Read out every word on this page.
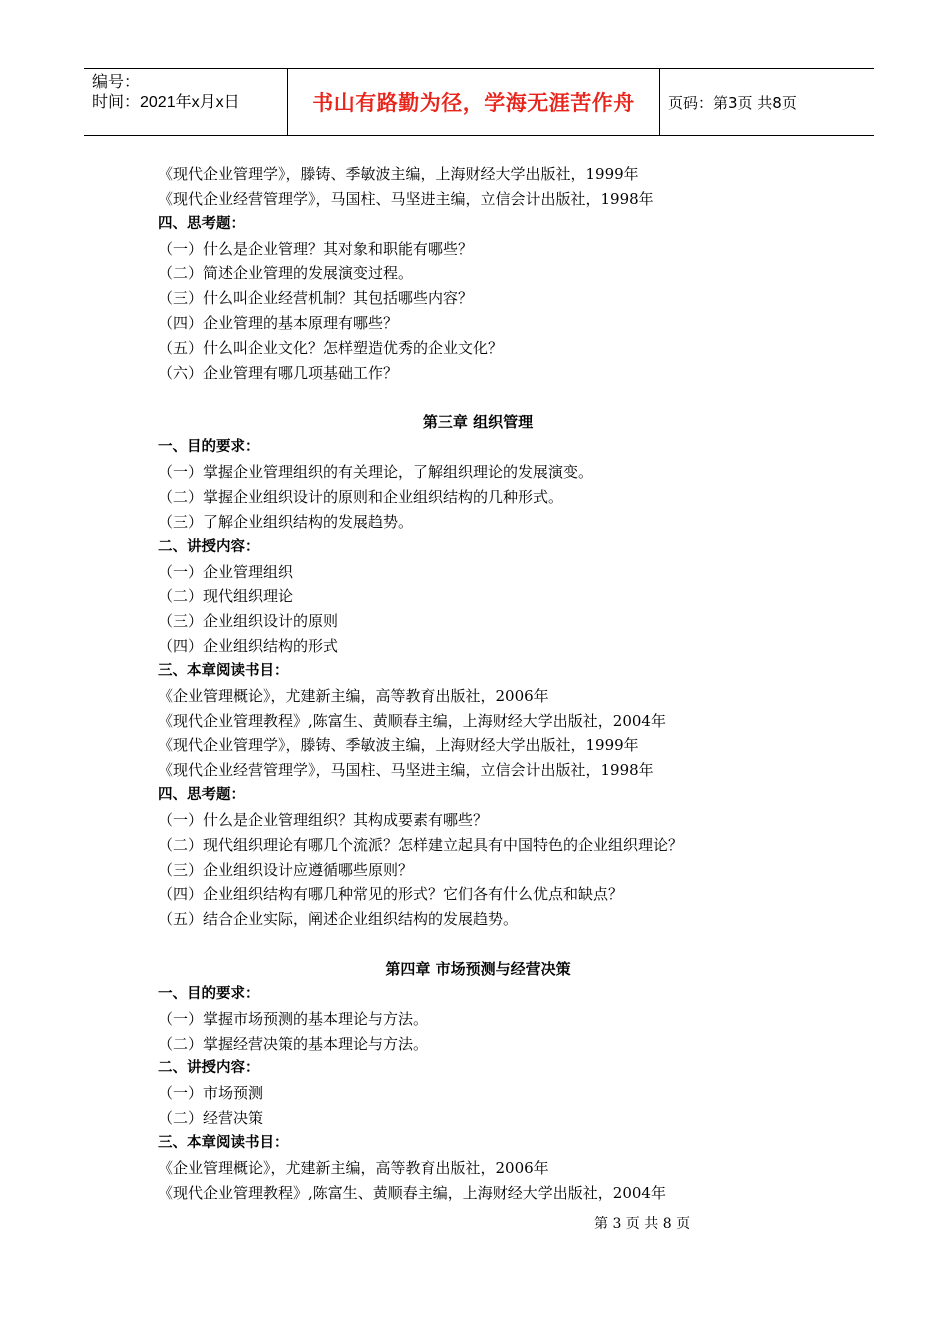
编号：
时间：2021年x月x日	书山有路勤为径，学海无涯苦作舟	页码：第3页 共8页
《现代企业管理学》，滕铸、季敏波主编，上海财经大学出版社，1999年
《现代企业经营管理学》，马国柱、马坚进主编，立信会计出版社，1998年
四、思考题：
（一）什么是企业管理？其对象和职能有哪些？
（二）简述企业管理的发展演变过程。
（三）什么叫企业经营机制？其包括哪些内容？
（四）企业管理的基本原理有哪些？
（五）什么叫企业文化？怎样塑造优秀的企业文化？
（六）企业管理有哪几项基础工作？
第三章 组织管理
一、目的要求：
（一）掌握企业管理组织的有关理论，了解组织理论的发展演变。
（二）掌握企业组织设计的原则和企业组织结构的几种形式。
（三）了解企业组织结构的发展趋势。
二、讲授内容：
（一）企业管理组织
（二）现代组织理论
（三）企业组织设计的原则
（四）企业组织结构的形式
三、本章阅读书目：
《企业管理概论》，尤建新主编，高等教育出版社，2006年
《现代企业管理教程》,陈富生、黄顺春主编，上海财经大学出版社，2004年
《现代企业管理学》，滕铸、季敏波主编，上海财经大学出版社，1999年
《现代企业经营管理学》，马国柱、马坚进主编，立信会计出版社，1998年
四、思考题：
（一）什么是企业管理组织？其构成要素有哪些？
（二）现代组织理论有哪几个流派？怎样建立起具有中国特色的企业组织理论？
（三）企业组织设计应遵循哪些原则？
（四）企业组织结构有哪几种常见的形式？它们各有什么优点和缺点？
（五）结合企业实际，阐述企业组织结构的发展趋势。
第四章 市场预测与经营决策
一、目的要求：
（一）掌握市场预测的基本理论与方法。
（二）掌握经营决策的基本理论与方法。
二、讲授内容：
（一）市场预测
（二）经营决策
三、本章阅读书目：
《企业管理概论》，尤建新主编，高等教育出版社，2006年
《现代企业管理教程》,陈富生、黄顺春主编，上海财经大学出版社，2004年
第 3 页 共 8 页
